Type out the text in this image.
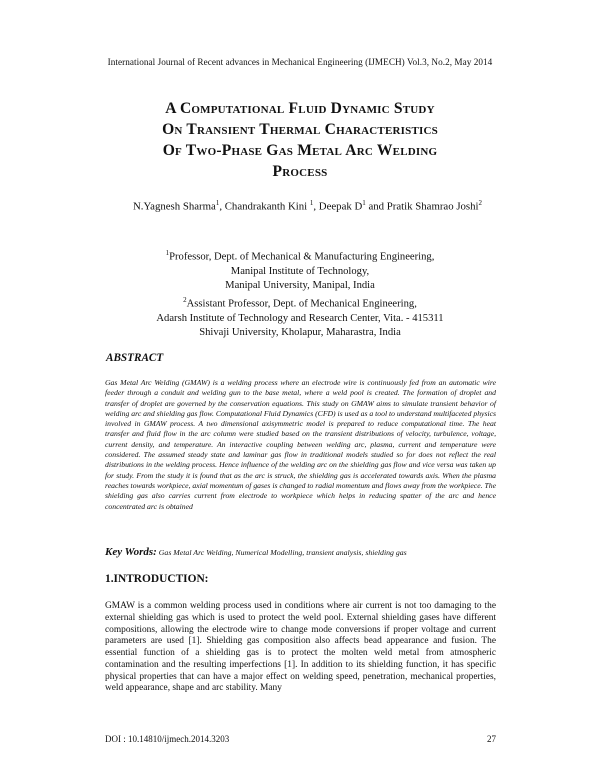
International Journal of Recent advances in Mechanical Engineering (IJMECH) Vol.3, No.2, May 2014
A Computational Fluid Dynamic Study
On Transient Thermal Characteristics
Of Two-Phase Gas Metal Arc Welding
Process
N.Yagnesh Sharma$^1$, Chandrakanth Kini $^1$, Deepak $D^1$ and Pratik Shamrao Joshi$^2$
$^1$Professor, Dept. of Mechanical & Manufacturing Engineering,
Manipal Institute of Technology,
Manipal University, Manipal, India
$^2$Assistant Professor, Dept. of Mechanical Engineering,
Adarsh Institute of Technology and Research Center, Vita. - 415311
Shivaji University, Kholapur, Maharastra, India
ABSTRACT
Gas Metal Arc Welding (GMAW) is a welding process where an electrode wire is continuously fed from an automatic wire feeder through a conduit and welding gun to the base metal, where a weld pool is created. The formation of droplet and transfer of droplet are governed by the conservation equations. This study on GMAW aims to simulate transient behavior of welding arc and shielding gas flow. Computational Fluid Dynamics (CFD) is used as a tool to understand multifaceted physics involved in GMAW process. A two dimensional axisymmetric model is prepared to reduce computational time. The heat transfer and fluid flow in the arc column were studied based on the transient distributions of velocity, turbulence, voltage, current density, and temperature. An interactive coupling between welding arc, plasma, current and temperature were considered. The assumed steady state and laminar gas flow in traditional models studied so for does not reflect the real distributions in the welding process. Hence influence of the welding arc on the shielding gas flow and vice versa was taken up for study. From the study it is found that as the arc is struck, the shielding gas is accelerated towards axis. When the plasma reaches towards workpiece, axial momentum of gases is changed to radial momentum and flows away from the workpiece. The shielding gas also carries current from electrode to workpiece which helps in reducing spatter of the arc and hence concentrated arc is obtained
Key Words: Gas Metal Arc Welding, Numerical Modelling, transient analysis, shielding gas
1.INTRODUCTION:
GMAW is a common welding process used in conditions where air current is not too damaging to the external shielding gas which is used to protect the weld pool. External shielding gases have different compositions, allowing the electrode wire to change mode conversions if proper voltage and current parameters are used [1]. Shielding gas composition also affects bead appearance and fusion. The essential function of a shielding gas is to protect the molten weld metal from atmospheric contamination and the resulting imperfections [1]. In addition to its shielding function, it has specific physical properties that can have a major effect on welding speed, penetration, mechanical properties, weld appearance, shape and arc stability. Many
DOI : 10.14810/ijmech.2014.3203	27
